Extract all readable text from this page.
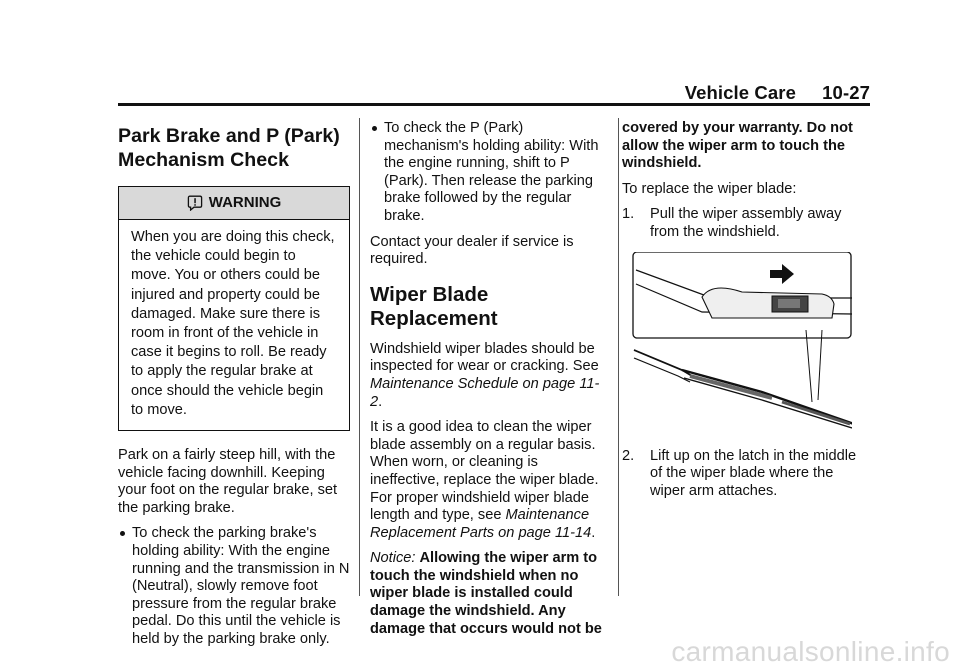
Vehicle Care 10-27
Park Brake and P (Park)
Mechanism Check
WARNING
When you are doing this check, the vehicle could begin to move. You or others could be injured and property could be damaged. Make sure there is room in front of the vehicle in case it begins to roll. Be ready to apply the regular brake at once should the vehicle begin to move.

Park on a fairly steep hill, with the vehicle facing downhill. Keeping your foot on the regular brake, set the parking brake.

To check the parking brake's holding ability: With the engine running and the transmission in N (Neutral), slowly remove foot pressure from the regular brake pedal. Do this until the vehicle is held by the parking brake only.
To check the P (Park) mechanism's holding ability: With the engine running, shift to P (Park). Then release the parking brake followed by the regular brake.

Contact your dealer if service is required.

Wiper Blade Replacement

Windshield wiper blades should be inspected for wear or cracking. See Maintenance Schedule on page 11-2.

It is a good idea to clean the wiper blade assembly on a regular basis. When worn, or cleaning is ineffective, replace the wiper blade. For proper windshield wiper blade length and type, see Maintenance Replacement Parts on page 11-14.

Notice: Allowing the wiper arm to touch the windshield when no wiper blade is installed could damage the windshield. Any damage that occurs would not be

covered by your warranty. Do not allow the wiper arm to touch the windshield.

To replace the wiper blade:

1. Pull the wiper assembly away from the windshield.
2. Lift up on the latch in the middle of the wiper blade where the wiper arm attaches.
carmanualsonline.info
